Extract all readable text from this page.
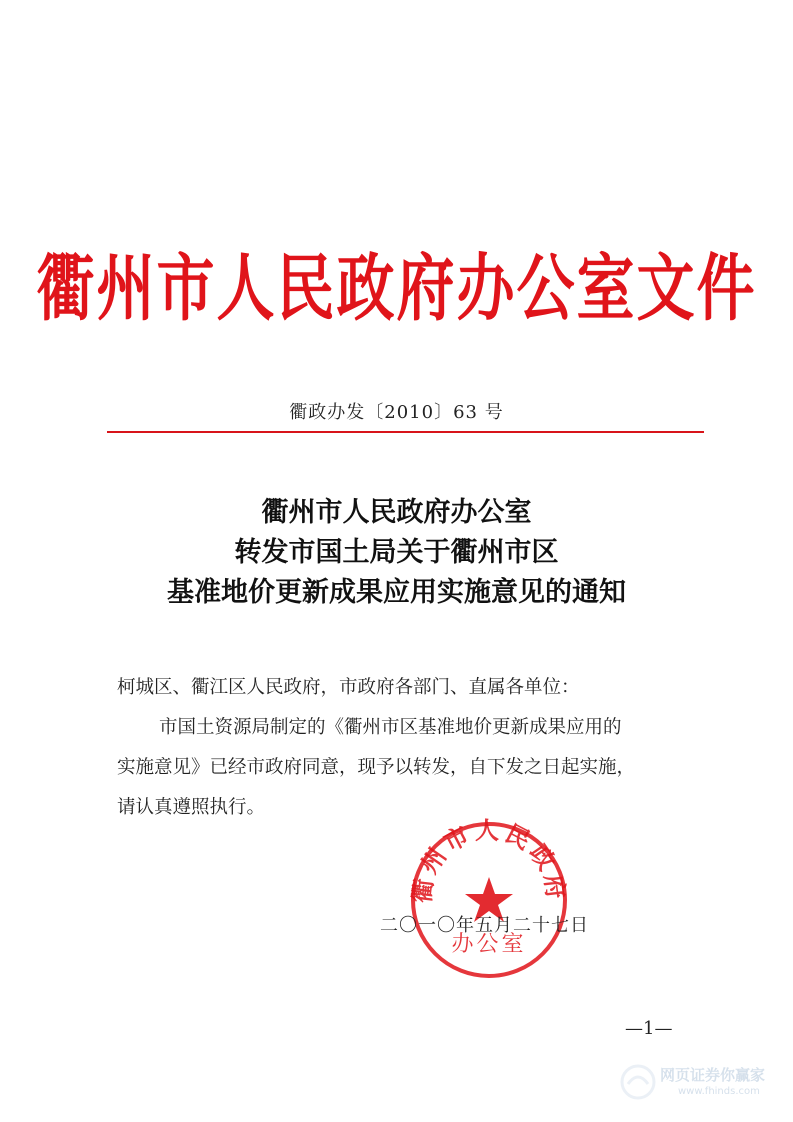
衢州市人民政府办公室文件
衢政办发〔2010〕63 号
衢州市人民政府办公室
转发市国土局关于衢州市区
基准地价更新成果应用实施意见的通知
柯城区、衢江区人民政府，市政府各部门、直属各单位：
市国土资源局制定的《衢州市区基准地价更新成果应用的
实施意见》已经市政府同意，现予以转发，自下发之日起实施，
请认真遵照执行。
衢州市人民政府
办公室
二〇一〇年五月二十七日
—1—
网页证券你赢家
www.fhinds.com
